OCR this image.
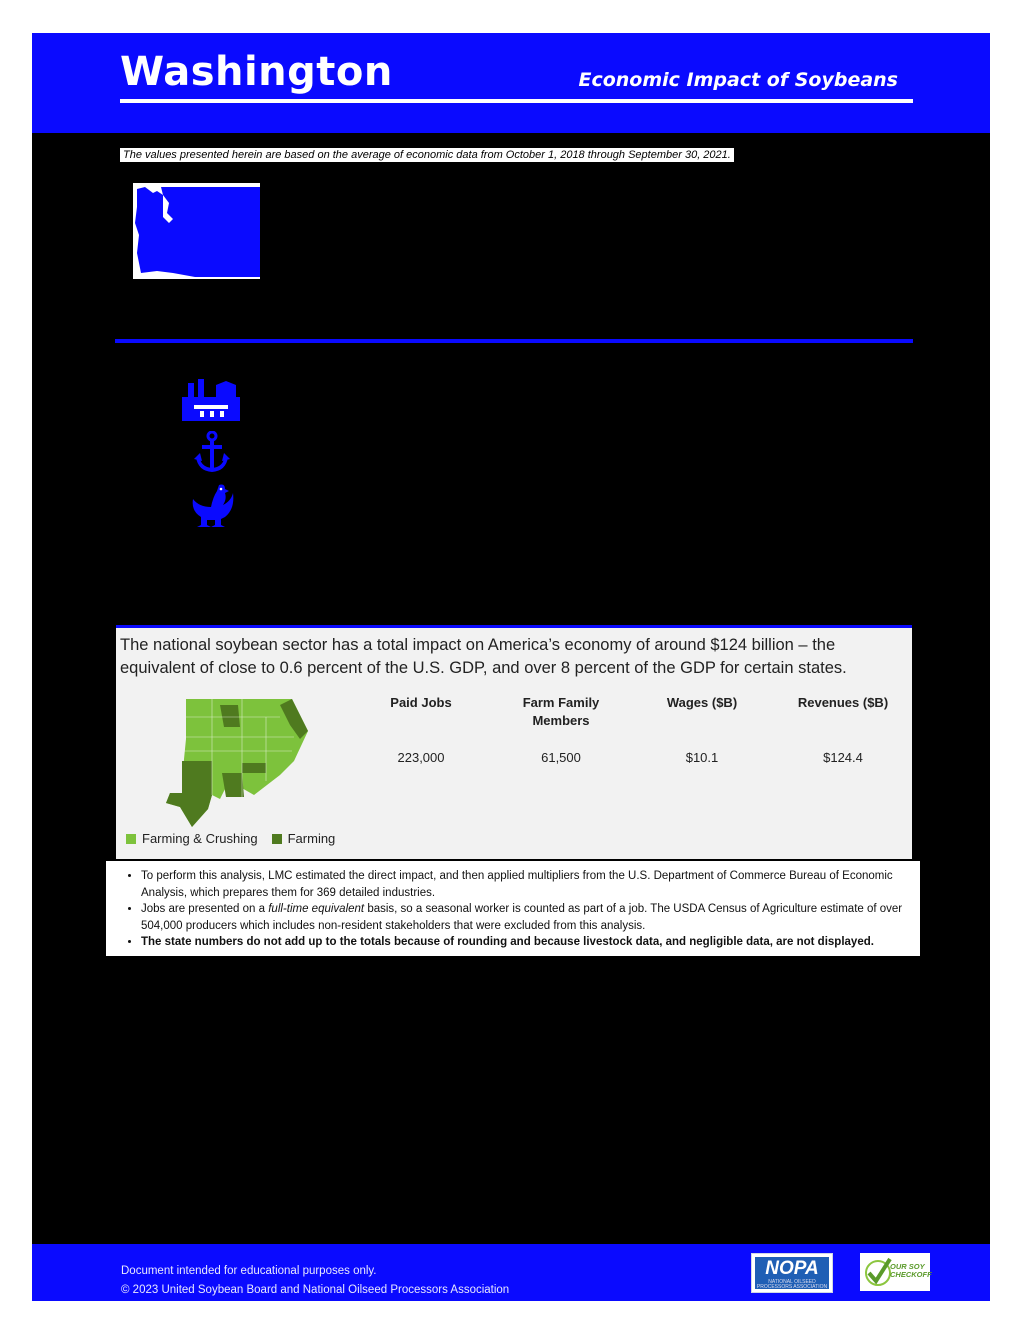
Washington	Economic Impact of Soybeans
The values presented herein are based on the average of economic data from October 1, 2018 through September 30, 2021.
The national soybean sector has a total impact on America’s economy of around $124 billion – the equivalent of close to 0.6 percent of the U.S. GDP, and over 8 percent of the GDP for certain states.
Farming & Crushing Farming
Paid Jobs
223,000
Farm Family Members
61,500
Wages ($B)
$10.1
Revenues ($B)
$124.4
• To perform this analysis, LMC estimated the direct impact, and then applied multipliers from the U.S. Department of Commerce Bureau of Economic Analysis, which prepares them for 369 detailed industries.
• Jobs are presented on a full-time equivalent basis, so a seasonal worker is counted as part of a job. The USDA Census of Agriculture estimate of over 504,000 producers which includes non-resident stakeholders that were excluded from this analysis.
• The state numbers do not add up to the totals because of rounding and because livestock data, and negligible data, are not displayed.
Document intended for educational purposes only.
© 2023 United Soybean Board and National Oilseed Processors Association
NOPA
NATIONAL OILSEED PROCESSORS ASSOCIATION
OUR SOY CHECKOFF
